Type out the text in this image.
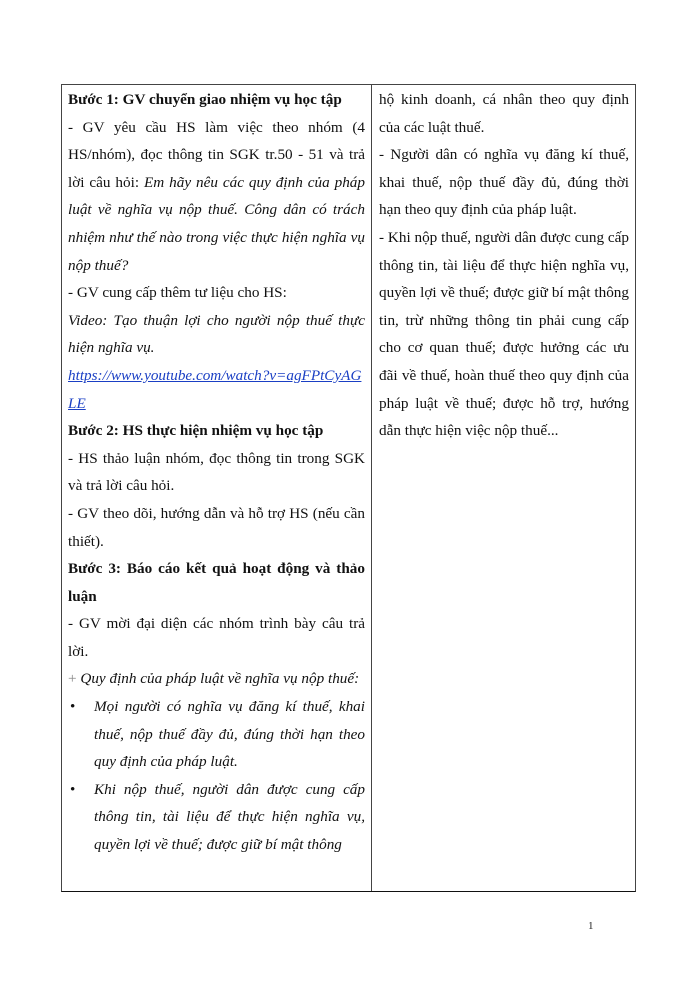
Bước 1: GV chuyển giao nhiệm vụ học tập

- GV yêu cầu HS làm việc theo nhóm (4 HS/nhóm), đọc thông tin SGK tr.50 - 51 và trả lời câu hỏi: Em hãy nêu các quy định của pháp luật về nghĩa vụ nộp thuế. Công dân có trách nhiệm như thế nào trong việc thực hiện nghĩa vụ nộp thuế?

- GV cung cấp thêm tư liệu cho HS:

Video: Tạo thuận lợi cho người nộp thuế thực hiện nghĩa vụ.

https://www.youtube.com/watch?v=agFPtCyAGLE

Bước 2: HS thực hiện nhiệm vụ học tập

- HS thảo luận nhóm, đọc thông tin trong SGK và trả lời câu hỏi.

- GV theo dõi, hướng dẫn và hỗ trợ HS (nếu cần thiết).

Bước 3: Báo cáo kết quả hoạt động và thảo luận

- GV mời đại diện các nhóm trình bày câu trả lời.

+ Quy định của pháp luật về nghĩa vụ nộp thuế:

•	Mọi người có nghĩa vụ đăng kí thuế, khai thuế, nộp thuế đầy đủ, đúng thời hạn theo quy định của pháp luật.
•	Khi nộp thuế, người dân được cung cấp thông tin, tài liệu để thực hiện nghĩa vụ, quyền lợi về thuế; được giữ bí mật thông

hộ kinh doanh, cá nhân theo quy định của các luật thuế.

- Người dân có nghĩa vụ đăng kí thuế, khai thuế, nộp thuế đầy đủ, đúng thời hạn theo quy định của pháp luật.

- Khi nộp thuế, người dân được cung cấp thông tin, tài liệu để thực hiện nghĩa vụ, quyền lợi về thuế; được giữ bí mật thông tin, trừ những thông tin phải cung cấp cho cơ quan thuế; được hưởng các ưu đãi về thuế, hoàn thuế theo quy định của pháp luật về thuế; được hỗ trợ, hướng dẫn thực hiện việc nộp thuế...

1
